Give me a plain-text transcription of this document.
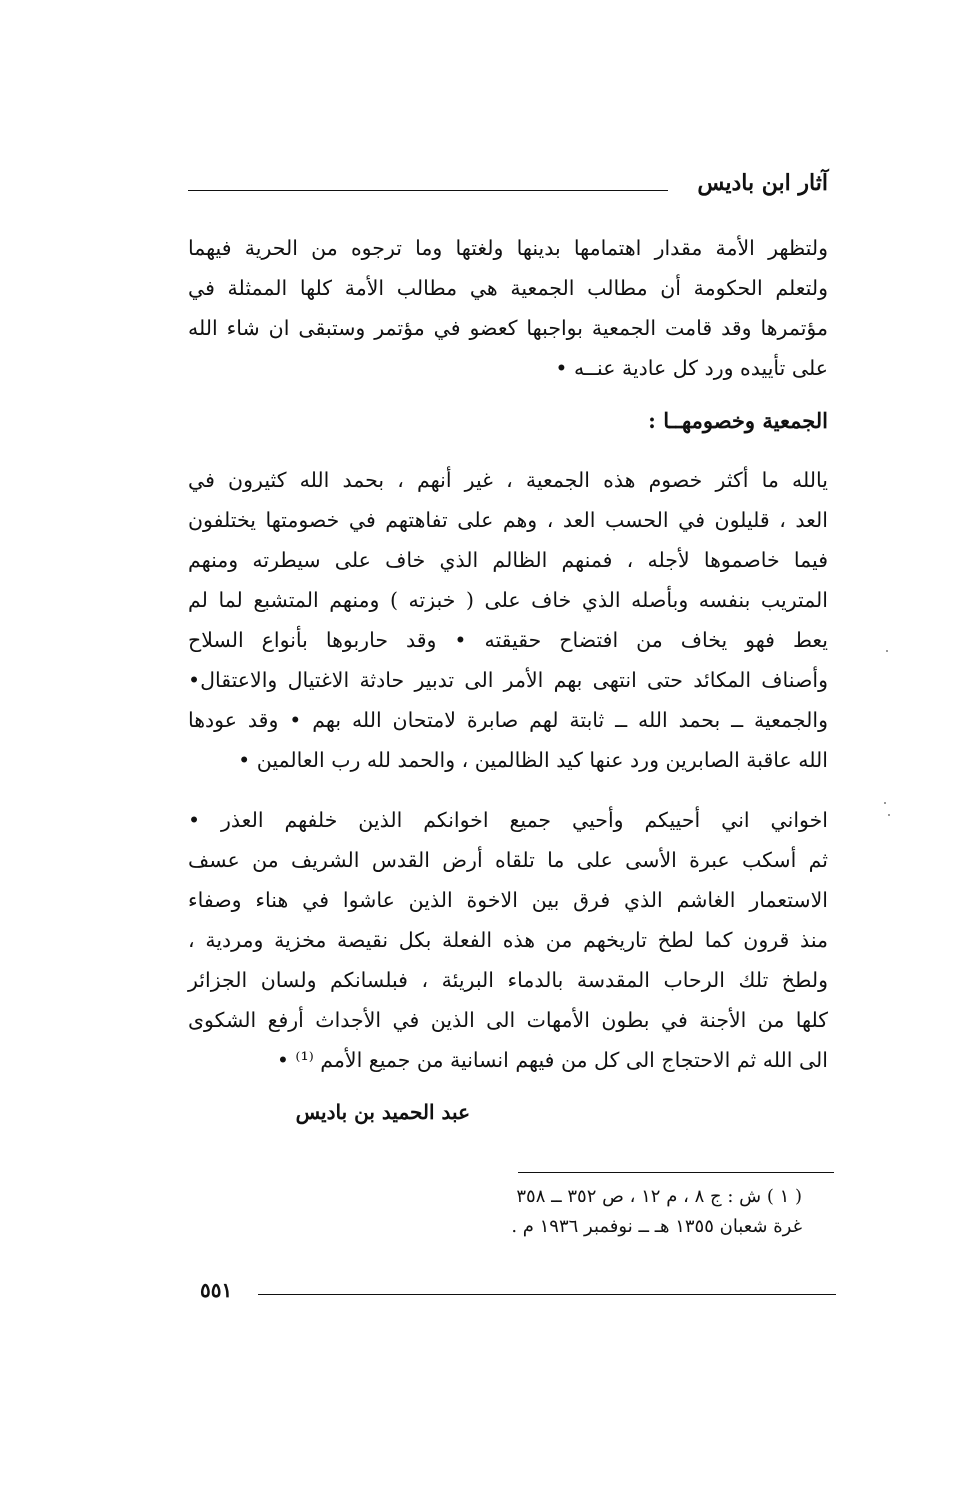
آثار ابن باديس
ولتظهر الأمة مقدار اهتمامها بدينها ولغتها وما ترجوه من الحرية فيهما
ولتعلم الحكومة أن مطالب الجمعية هي مطالب الأمة كلها الممثلة في
مؤتمرها وقد قامت الجمعية بواجبها كعضو في مؤتمر وستبقى ان شاء الله
على تأييده ورد كل عادية عنــه •
الجمعية وخصومهــا :
يالله ما أكثر خصوم هذه الجمعية ، غير أنهم ، بحمد الله كثيرون في
العد ، قليلون في الحسب العد ، وهم على تفاهتهم في خصومتها يختلفون
فيما خاصموها لأجله ، فمنهم الظالم الذي خاف على سيطرته ومنهم
المتريب بنفسه وبأصله الذي خاف على ( خبزته ) ومنهم المتشبع لما لم
يعط فهو يخاف من افتضاح حقيقته • وقد حاربوها بأنواع السلاح
وأصناف المكائد حتى انتهى بهم الأمر الى تدبير حادثة الاغتيال والاعتقال•
والجمعية ــ بحمد الله ــ ثابتة لهم صابرة لامتحان الله بهم • وقد عودها
الله عاقبة الصابرين ورد عنها كيد الظالمين ، والحمد لله رب العالمين •
اخواني اني أحييكم وأحيي جميع اخوانكم الذين خلفهم العذر •
ثم أسكب عبرة الأسى على ما تلقاه أرض القدس الشريف من عسف
الاستعمار الغاشم الذي فرق بين الاخوة الذين عاشوا في هناء وصفاء
منذ قرون كما لطخ تاريخهم من هذه الفعلة بكل نقيصة مخزية ومردية ،
ولطخ تلك الرحاب المقدسة بالدماء البريئة ، فبلسانكم ولسان الجزائر
كلها من الأجنة في بطون الأمهات الى الذين في الأجداث أرفع الشكوى
الى الله ثم الاحتجاج الى كل من فيهم انسانية من جميع الأمم ⁽¹⁾ •
عبد الحميد بن باديس
( ١ ) ش : ج ٨ ، م ١٢ ، ص ٣٥٢ ــ ٣٥٨
غرة شعبان ١٣٥٥ هـ ــ نوفمبر ١٩٣٦ م .
٥٥١
